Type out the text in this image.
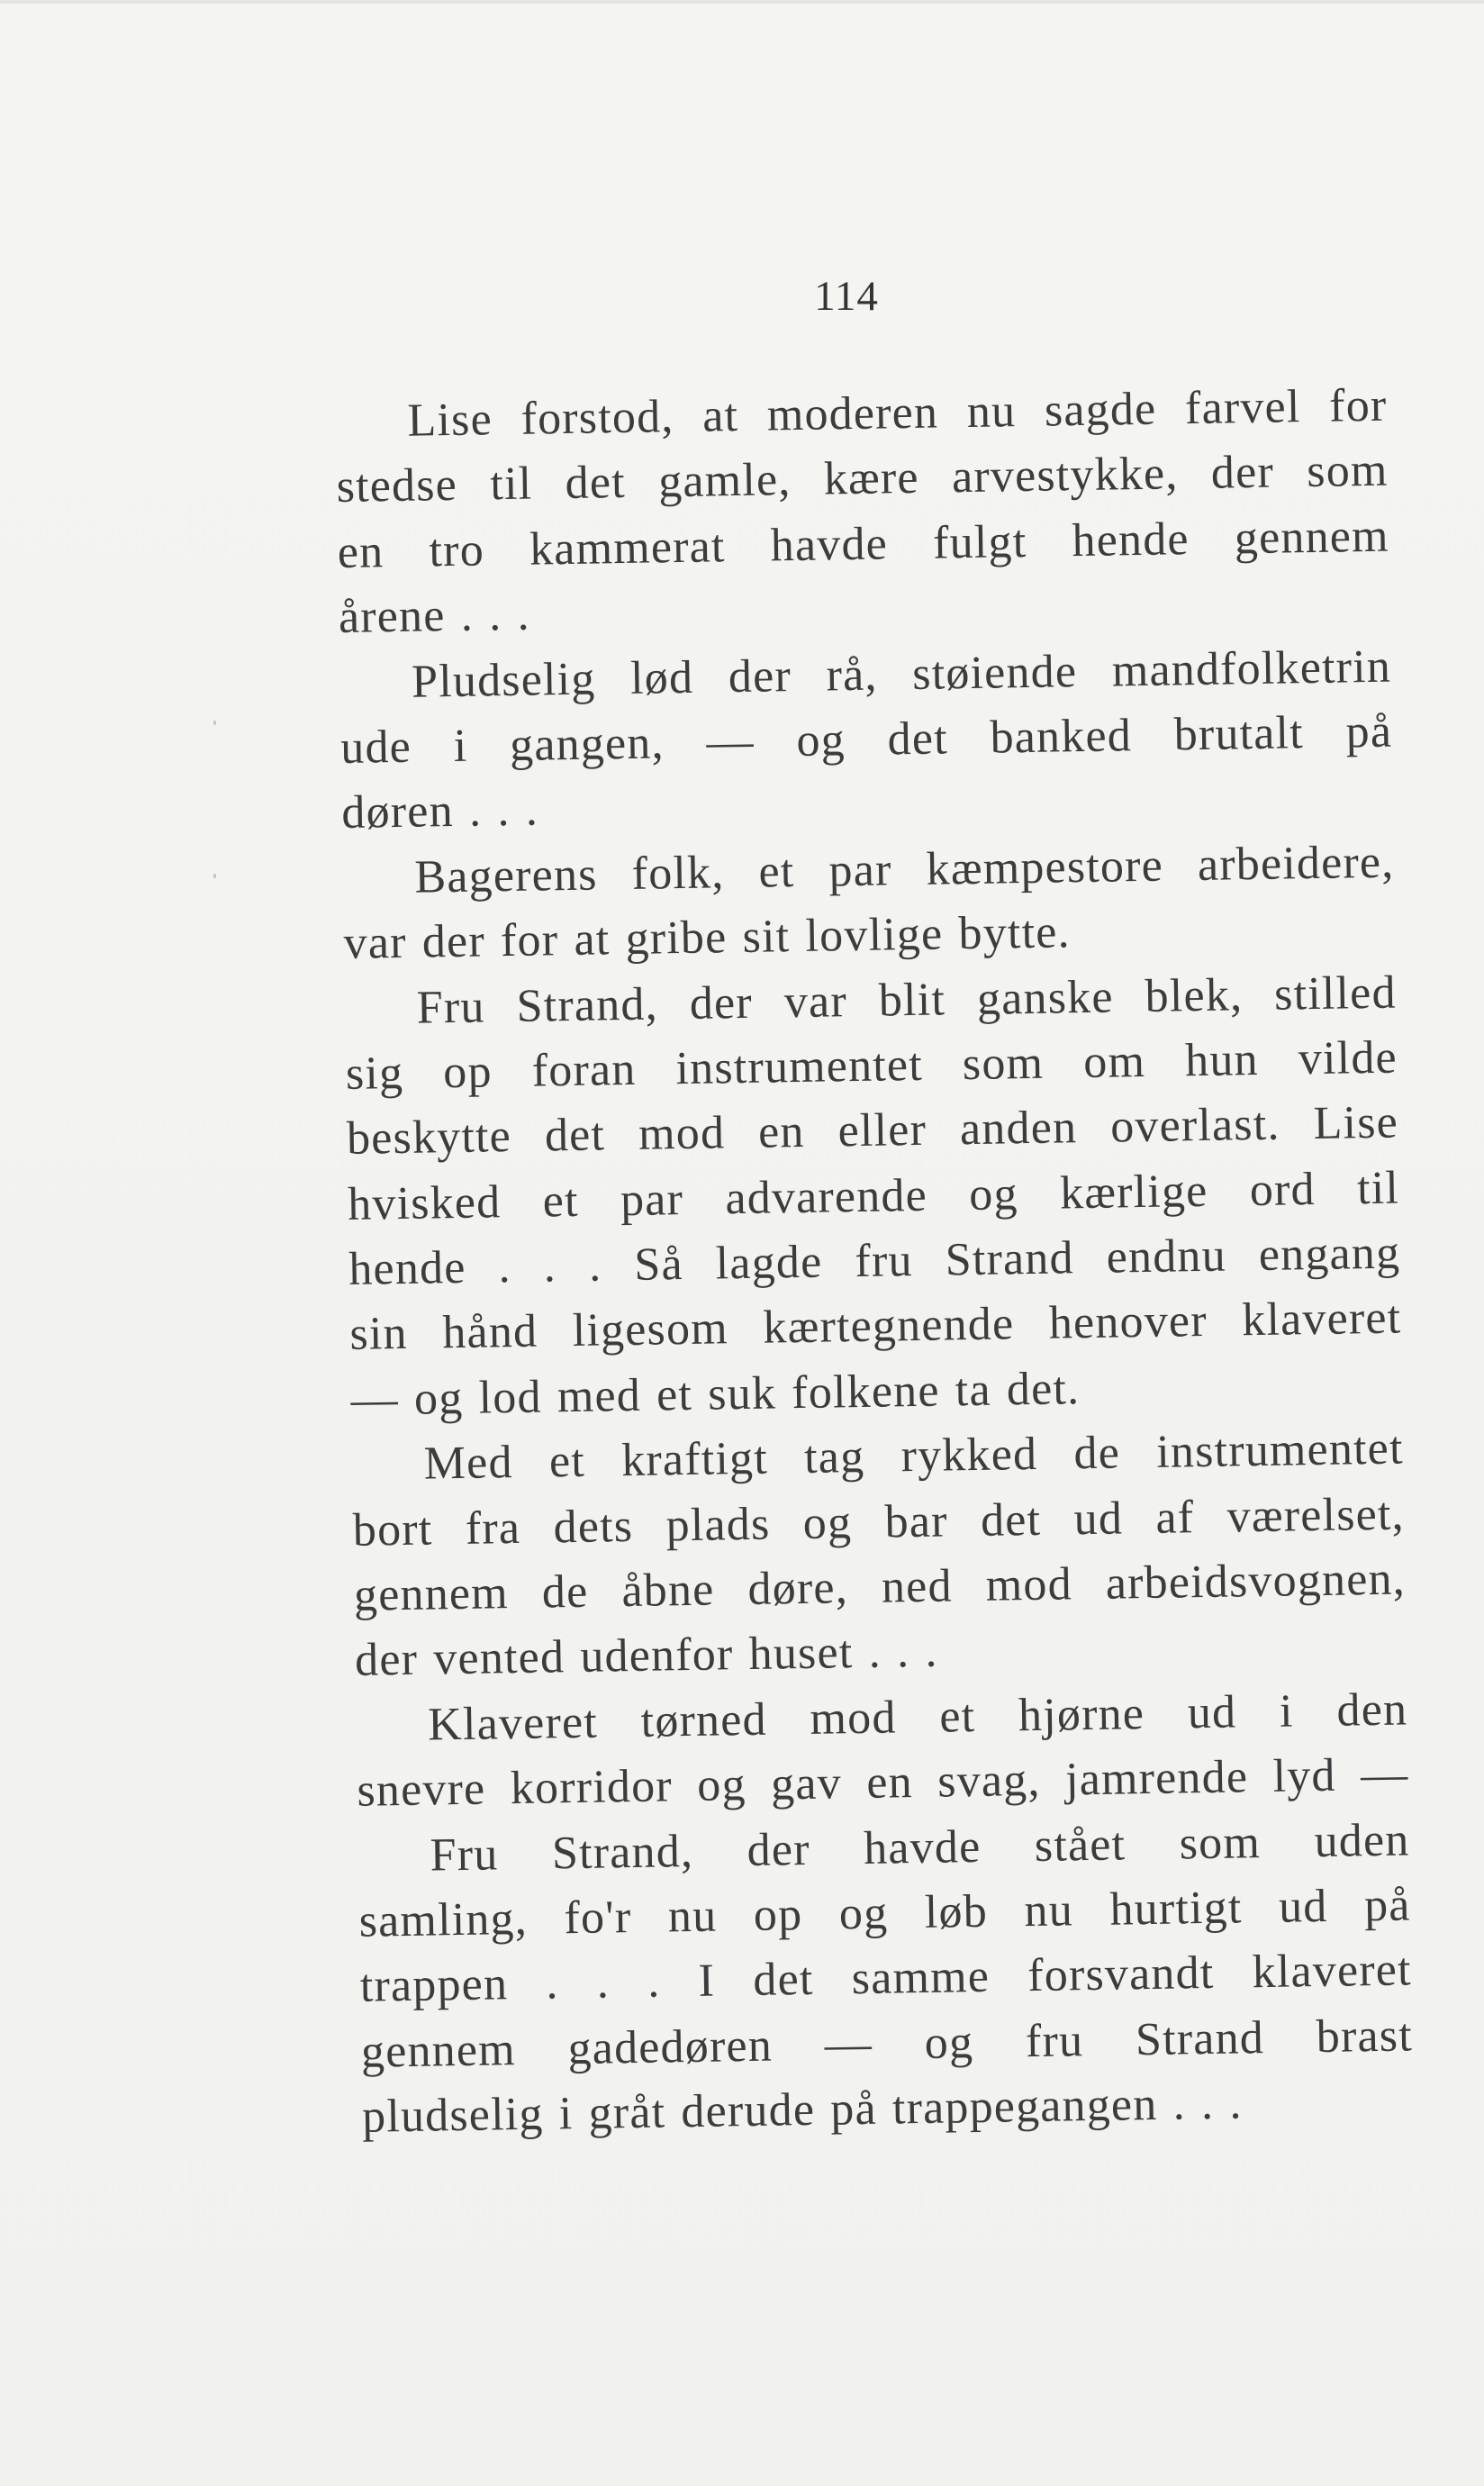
114
Lise forstod, at moderen nu sagde farvel for
stedse til det gamle, kære arvestykke, der som
en tro kammerat havde fulgt hende gennem
årene . . .
Pludselig lød der rå, støiende mandfolketrin
ude i gangen, — og det banked brutalt på
døren . . .
Bagerens folk, et par kæmpestore arbeidere,
var der for at gribe sit lovlige bytte.
Fru Strand, der var blit ganske blek, stilled
sig op foran instrumentet som om hun vilde
beskytte det mod en eller anden overlast. Lise
hvisked et par advarende og kærlige ord til
hende . . . Så lagde fru Strand endnu engang
sin hånd ligesom kærtegnende henover klaveret
— og lod med et suk folkene ta det.
Med et kraftigt tag rykked de instrumentet
bort fra dets plads og bar det ud af værelset,
gennem de åbne døre, ned mod arbeidsvognen,
der vented udenfor huset . . .
Klaveret tørned mod et hjørne ud i den
snevre korridor og gav en svag, jamrende lyd —
Fru Strand, der havde stået som uden
samling, fo'r nu op og løb nu hurtigt ud på
trappen . . . I det samme forsvandt klaveret
gennem gadedøren — og fru Strand brast
pludselig i gråt derude på trappegangen . . .
